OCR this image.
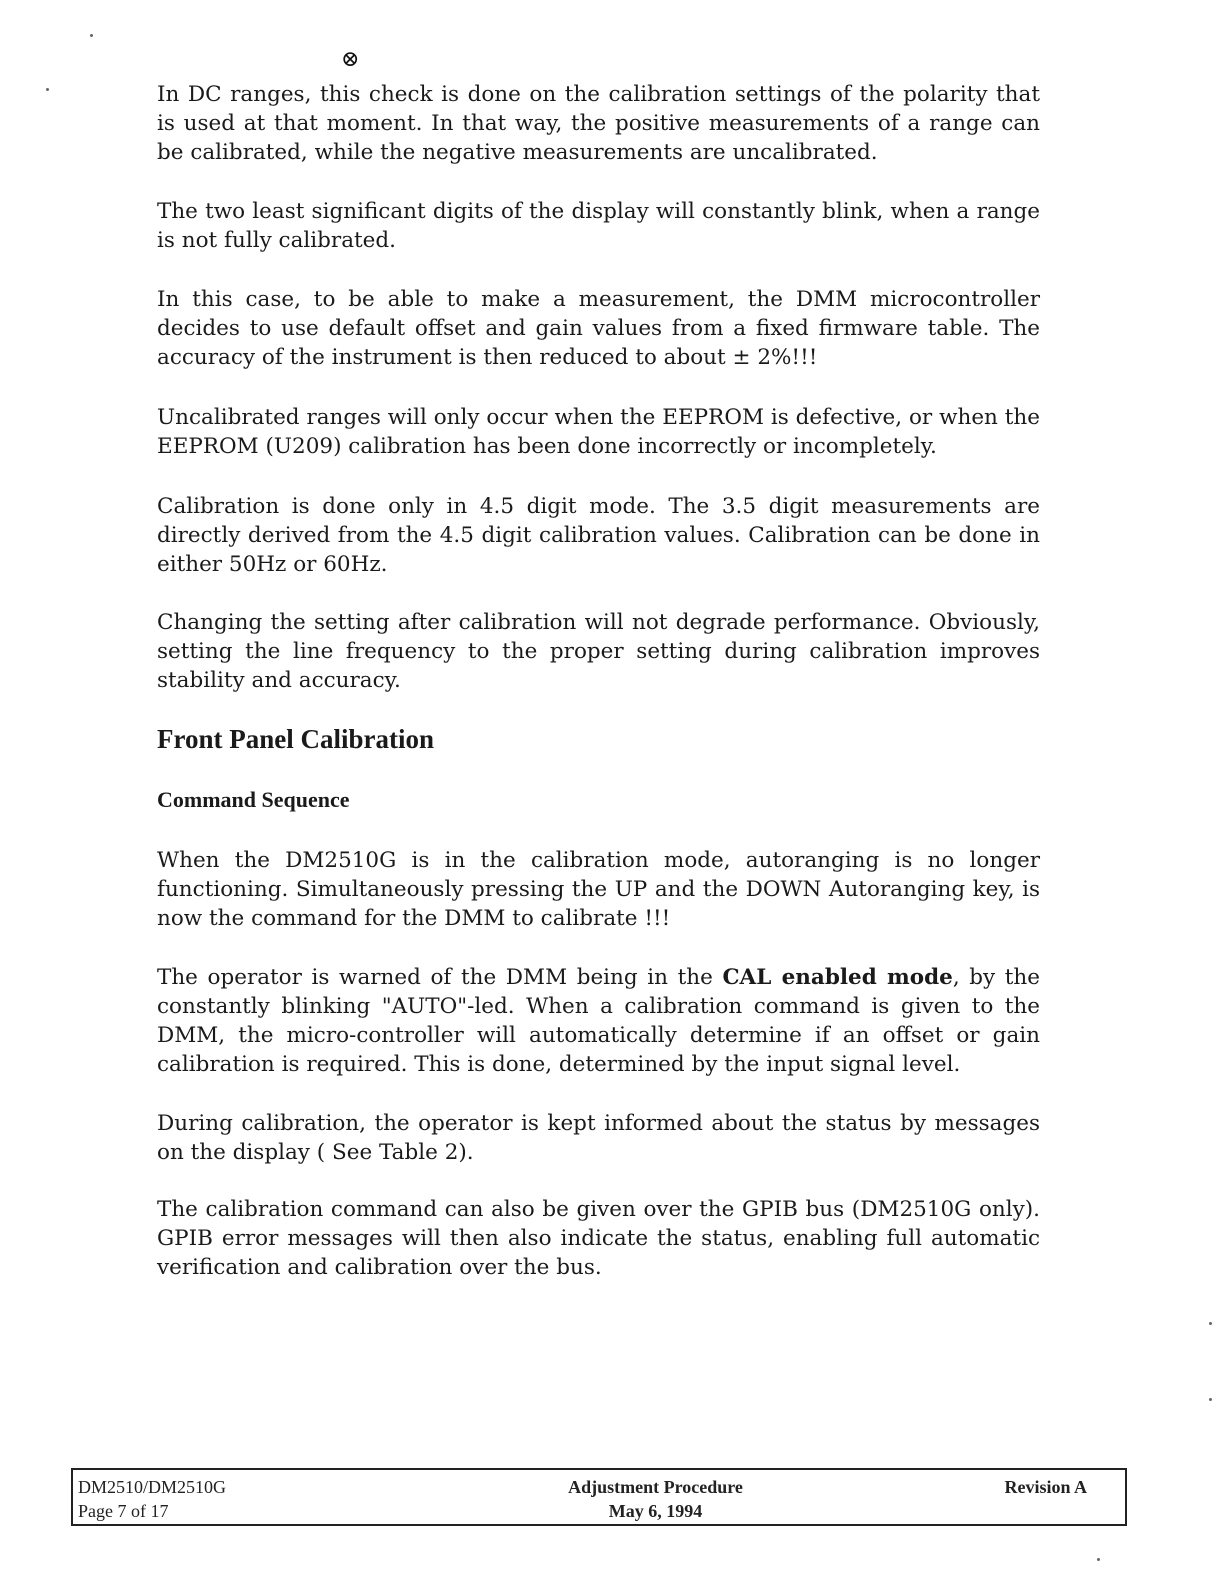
⊗

In DC ranges, this check is done on the calibration settings of the polarity that is used at that moment. In that way, the positive measurements of a range can be calibrated, while the negative measurements are uncalibrated.

The two least significant digits of the display will constantly blink, when a range is not fully calibrated.

In this case, to be able to make a measurement, the DMM microcontroller decides to use default offset and gain values from a fixed firmware table. The accuracy of the instrument is then reduced to about ± 2%!!!

Uncalibrated ranges will only occur when the EEPROM is defective, or when the EEPROM (U209) calibration has been done incorrectly or incompletely.

Calibration is done only in 4.5 digit mode. The 3.5 digit measurements are directly derived from the 4.5 digit calibration values. Calibration can be done in either 50Hz or 60Hz.

Changing the setting after calibration will not degrade performance. Obviously, setting the line frequency to the proper setting during calibration improves stability and accuracy.

Front Panel Calibration
Command Sequence

When the DM2510G is in the calibration mode, autoranging is no longer functioning. Simultaneously pressing the UP and the DOWN Autoranging key, is now the command for the DMM to calibrate !!!

The operator is warned of the DMM being in the CAL enabled mode, by the constantly blinking "AUTO"-led. When a calibration command is given to the DMM, the micro-controller will automatically determine if an offset or gain calibration is required. This is done, determined by the input signal level.

During calibration, the operator is kept informed about the status by messages on the display ( See Table 2).

The calibration command can also be given over the GPIB bus (DM2510G only). GPIB error messages will then also indicate the status, enabling full automatic verification and calibration over the bus.

DM2510/DM2510G
Page 7 of 17
Adjustment Procedure
May 6, 1994
Revision A
